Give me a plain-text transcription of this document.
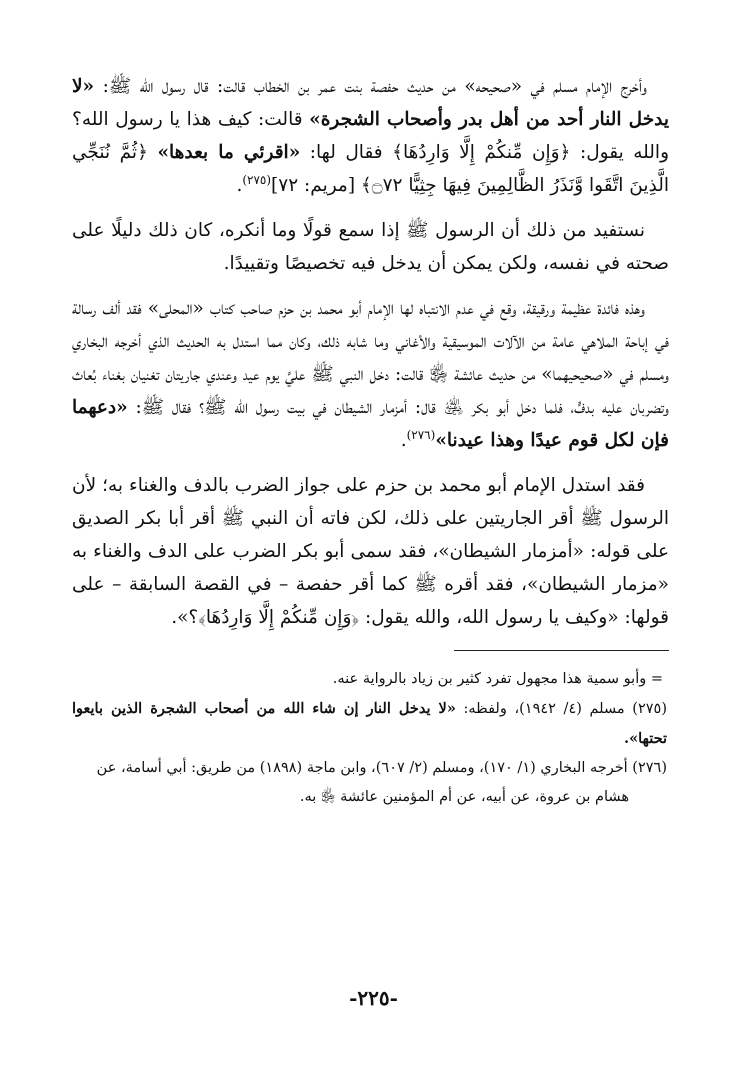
وأخرج الإمام مسلم في «صحيحه» من حديث حفصة بنت عمر بن الخطاب قالت: قال رسول الله ﷺ: «لا يدخل النار أحد من أهل بدر وأصحاب الشجرة» قالت: كيف هذا يا رسول الله؟ والله يقول: ﴿وَإِن مِّنكُمْ إِلَّا وَارِدُهَا﴾ فقال لها: «اقرئي ما بعدها» ﴿ثُمَّ نُنَجِّي الَّذِينَ اتَّقَوا وَّنَذَرُ الظَّالِمِينَ فِيهَا جِثِيًّا ۝٧٢﴾ [مريم: ٧٢]$^{(٢٧٥)}$.

نستفيد من ذلك أن الرسول ﷺ إذا سمع قولًا وما أنكره، كان ذلك دليلًا على صحته في نفسه، ولكن يمكن أن يدخل فيه تخصيصًا وتقييدًا.

وهذه فائدة عظيمة ورقيقة، وقع في عدم الانتباه لها الإمام أبو محمد بن حزم صاحب كتاب «المحلى» فقد ألف رسالة في إباحة الملاهي عامة من الآلات الموسيقية والأغاني وما شابه ذلك، وكان مما استدل به الحديث الذي أخرجه البخاري ومسلم في «صحيحيهما» من حديث عائشة ﵂ قالت: دخل النبي ﷺ عليَّ يوم عيد وعندي جاريتان تغنيان بغناء بُعاث وتضربان عليه بدفٍّ، فلما دخل أبو بكر ﵁ قال: أمزمار الشيطان في بيت رسول الله ﷺ؟ فقال ﷺ: «دعهما فإن لكل قوم عيدًا وهذا عيدنا»$^{(٢٧٦)}$.

فقد استدل الإمام أبو محمد بن حزم على جواز الضرب بالدف والغناء به؛ لأن الرسول ﷺ أقر الجاريتين على ذلك، لكن فاته أن النبي ﷺ أقر أبا بكر الصديق على قوله: «أمزمار الشيطان»، فقد سمى أبو بكر الضرب على الدف والغناء به «مزمار الشيطان»، فقد أقره ﷺ كما أقر حفصة – في القصة السابقة – على قولها: «وكيف يا رسول الله، والله يقول: ﴿وَإِن مِّنكُمْ إِلَّا وَارِدُهَا﴾؟».

= وأبو سمية هذا مجهول تفرد كثير بن زياد بالرواية عنه.

(٢٧٥) مسلم (٤/ ١٩٤٢)، ولفظه: «لا يدخل النار إن شاء الله من أصحاب الشجرة الذين بايعوا تحتها».

(٢٧٦) أخرجه البخاري (١/ ١٧٠)، ومسلم (٢/ ٦٠٧)، وابن ماجة (١٨٩٨) من طريق: أبي أسامة، عن

هشام بن عروة، عن أبيه، عن أم المؤمنين عائشة ﵂ به.

-٢٢٥-
